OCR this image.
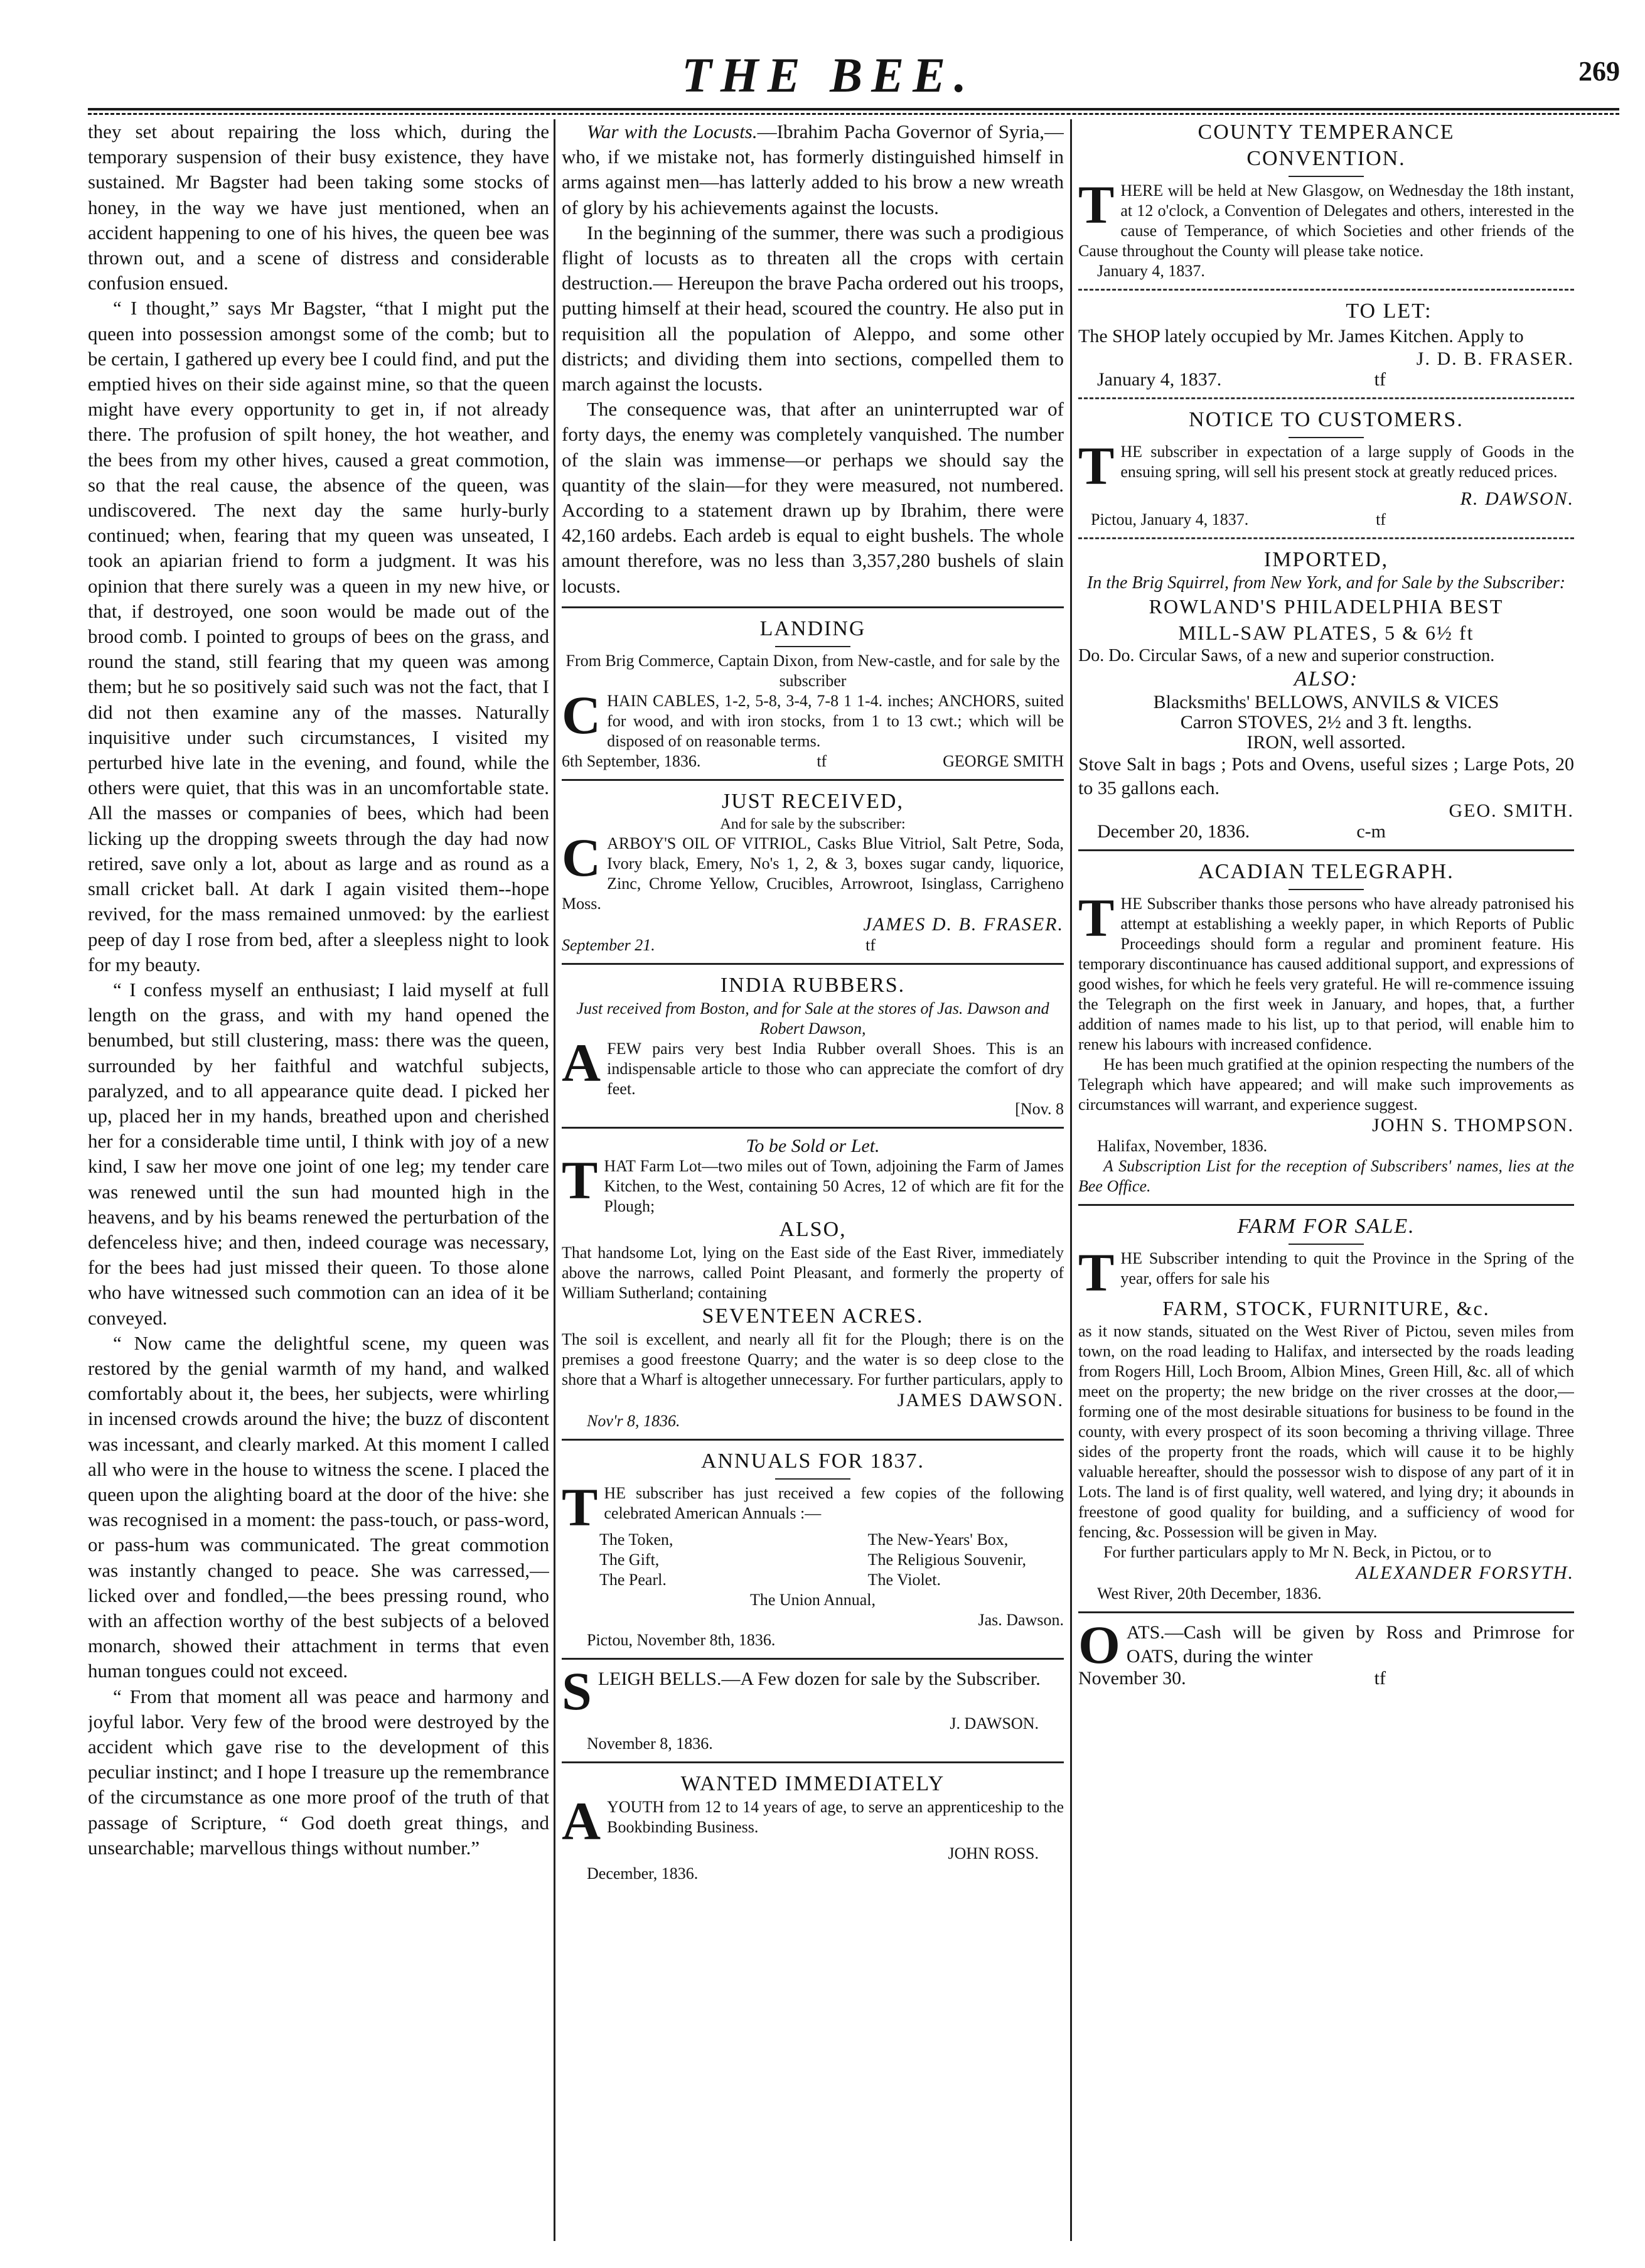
THE BEE.	269

they set about repairing the loss which, during the temporary suspension of their busy existence, they have sustained. Mr Bagster had been taking some stocks of honey, in the way we have just mentioned, when an accident happening to one of his hives, the queen bee was thrown out, and a scene of distress and considerable confusion ensued.

“ I thought,” says Mr Bagster, “that I might put the queen into possession amongst some of the comb; but to be certain, I gathered up every bee I could find, and put the emptied hives on their side against mine, so that the queen might have every opportunity to get in, if not already there. The profusion of spilt honey, the hot weather, and the bees from my other hives, caused a great commotion, so that the real cause, the absence of the queen, was undiscovered. The next day the same hurly-burly continued; when, fearing that my queen was unseated, I took an apiarian friend to form a judgment. It was his opinion that there surely was a queen in my new hive, or that, if destroyed, one soon would be made out of the brood comb. I pointed to groups of bees on the grass, and round the stand, still fearing that my queen was among them; but he so positively said such was not the fact, that I did not then examine any of the masses. Naturally inquisitive under such circumstances, I visited my perturbed hive late in the evening, and found, while the others were quiet, that this was in an uncomfortable state. All the masses or companies of bees, which had been licking up the dropping sweets through the day had now retired, save only a lot, about as large and as round as a small cricket ball. At dark I again visited them--hope revived, for the mass remained unmoved: by the earliest peep of day I rose from bed, after a sleepless night to look for my beauty.

“ I confess myself an enthusiast; I laid myself at full length on the grass, and with my hand opened the benumbed, but still clustering, mass: there was the queen, surrounded by her faithful and watchful subjects, paralyzed, and to all appearance quite dead. I picked her up, placed her in my hands, breathed upon and cherished her for a considerable time until, I think with joy of a new kind, I saw her move one joint of one leg; my tender care was renewed until the sun had mounted high in the heavens, and by his beams renewed the perturbation of the defenceless hive; and then, indeed courage was necessary, for the bees had just missed their queen. To those alone who have witnessed such commotion can an idea of it be conveyed.

“ Now came the delightful scene, my queen was restored by the genial warmth of my hand, and walked comfortably about it, the bees, her subjects, were whirling in incensed crowds around the hive; the buzz of discontent was incessant, and clearly marked. At this moment I called all who were in the house to witness the scene. I placed the queen upon the alighting board at the door of the hive: she was recognised in a moment: the pass-touch, or pass-word, or pass-hum was communicated. The great commotion was instantly changed to peace. She was carressed,—licked over and fondled,—the bees pressing round, who with an affection worthy of the best subjects of a beloved monarch, showed their attachment in terms that even human tongues could not exceed.

“ From that moment all was peace and harmony and joyful labor. Very few of the brood were destroyed by the accident which gave rise to the development of this peculiar instinct; and I hope I treasure up the remembrance of the circumstance as one more proof of the truth of that passage of Scripture, “ God doeth great things, and unsearchable; marvellous things without number.”

War with the Locusts.—Ibrahim Pacha Governor of Syria,—who, if we mistake not, has formerly distinguished himself in arms against men—has latterly added to his brow a new wreath of glory by his achievements against the locusts.

In the beginning of the summer, there was such a prodigious flight of locusts as to threaten all the crops with certain destruction.— Hereupon the brave Pacha ordered out his troops, putting himself at their head, scoured the country. He also put in requisition all the population of Aleppo, and some other districts; and dividing them into sections, compelled them to march against the locusts.

The consequence was, that after an uninterrupted war of forty days, the enemy was completely vanquished. The number of the slain was immense—or perhaps we should say the quantity of the slain—for they were measured, not numbered. According to a statement drawn up by Ibrahim, there were 42,160 ardebs. Each ardeb is equal to eight bushels. The whole amount therefore, was no less than 3,357,280 bushels of slain locusts.

LANDING

From Brig Commerce, Captain Dixon, from New-castle, and for sale by the subscriber

CHAIN CABLES, 1-2, 5-8, 3-4, 7-8 1 1-4. inches; ANCHORS, suited for wood, and with iron stocks, from 1 to 13 cwt.; which will be disposed of on reasonable terms.

6th September, 1836.	tf	GEORGE SMITH

JUST RECEIVED,

And for sale by the subscriber:

CARBOY'S OIL OF VITRIOL, Casks Blue Vitriol, Salt Petre, Soda, Ivory black, Emery, No's 1, 2, & 3, boxes sugar candy, liquorice, Zinc, Chrome Yellow, Crucibles, Arrowroot, Isinglass, Carrigheno Moss.

JAMES D. B. FRASER.

September 21.	tf

INDIA RUBBERS.

Just received from Boston, and for Sale at the stores of Jas. Dawson and Robert Dawson,

AFEW pairs very best India Rubber overall Shoes. This is an indispensable article to those who can appreciate the comfort of dry feet.

[Nov. 8

To be Sold or Let.

THAT Farm Lot—two miles out of Town, adjoining the Farm of James Kitchen, to the West, containing 50 Acres, 12 of which are fit for the Plough;

ALSO,

That handsome Lot, lying on the East side of the East River, immediately above the narrows, called Point Pleasant, and formerly the property of William Sutherland; containing

SEVENTEEN ACRES.

The soil is excellent, and nearly all fit for the Plough; there is on the premises a good freestone Quarry; and the water is so deep close to the shore that a Wharf is altogether unnecessary. For further particulars, apply to

JAMES DAWSON.

Nov'r 8, 1836.

ANNUALS FOR 1837.

THE subscriber has just received a few copies of the following celebrated American Annuals :—

The Token,
The Gift,
The Pearl.
The New-Years' Box,
The Religious Souvenir,
The Violet.

The Union Annual,

Jas. Dawson.

Pictou, November 8th, 1836.

SLEIGH BELLS.—A Few dozen for sale by the Subscriber.

J. DAWSON.

November 8, 1836.

WANTED IMMEDIATELY

AYOUTH from 12 to 14 years of age, to serve an apprenticeship to the Bookbinding Business.

JOHN ROSS.

December, 1836.

COUNTY TEMPERANCE

CONVENTION.

THERE will be held at New Glasgow, on Wednesday the 18th instant, at 12 o'clock, a Convention of Delegates and others, interested in the cause of Temperance, of which Societies and other friends of the Cause throughout the County will please take notice.

January 4, 1837.

TO LET:

The SHOP lately occupied by Mr. James Kitchen. Apply to

J. D. B. FRASER.

January 4, 1837.	tf

NOTICE TO CUSTOMERS.

THE subscriber in expectation of a large supply of Goods in the ensuing spring, will sell his present stock at greatly reduced prices.

R. DAWSON.

Pictou, January 4, 1837.	tf

IMPORTED,

In the Brig Squirrel, from New York, and for Sale by the Subscriber:

ROWLAND'S PHILADELPHIA BEST

MILL-SAW PLATES, 5 & 6½ ft

Do. Do. Circular Saws, of a new and superior construction.

ALSO:

Blacksmiths' BELLOWS, ANVILS & VICES

Carron STOVES, 2½ and 3 ft. lengths.

IRON, well assorted.

Stove Salt in bags ; Pots and Ovens, useful sizes ; Large Pots, 20 to 35 gallons each.

GEO. SMITH.

December 20, 1836.	c-m

ACADIAN TELEGRAPH.

THE Subscriber thanks those persons who have already patronised his attempt at establishing a weekly paper, in which Reports of Public Proceedings should form a regular and prominent feature. His temporary discontinuance has caused additional support, and expressions of good wishes, for which he feels very grateful. He will re-commence issuing the Telegraph on the first week in January, and hopes, that, a further addition of names made to his list, up to that period, will enable him to renew his labours with increased confidence.

He has been much gratified at the opinion respecting the numbers of the Telegraph which have appeared; and will make such improvements as circumstances will warrant, and experience suggest.

JOHN S. THOMPSON.

Halifax, November, 1836.

A Subscription List for the reception of Subscribers' names, lies at the Bee Office.

FARM FOR SALE.

THE Subscriber intending to quit the Province in the Spring of the year, offers for sale his

FARM, STOCK, FURNITURE, &c.

as it now stands, situated on the West River of Pictou, seven miles from town, on the road leading to Halifax, and intersected by the roads leading from Rogers Hill, Loch Broom, Albion Mines, Green Hill, &c. all of which meet on the property; the new bridge on the river crosses at the door,—forming one of the most desirable situations for business to be found in the county, with every prospect of its soon becoming a thriving village. Three sides of the property front the roads, which will cause it to be highly valuable hereafter, should the possessor wish to dispose of any part of it in Lots. The land is of first quality, well watered, and lying dry; it abounds in freestone of good quality for building, and a sufficiency of wood for fencing, &c. Possession will be given in May.

For further particulars apply to Mr N. Beck, in Pictou, or to

ALEXANDER FORSYTH.

West River, 20th December, 1836.

OATS.—Cash will be given by Ross and Primrose for OATS, during the winter

November 30.	tf
